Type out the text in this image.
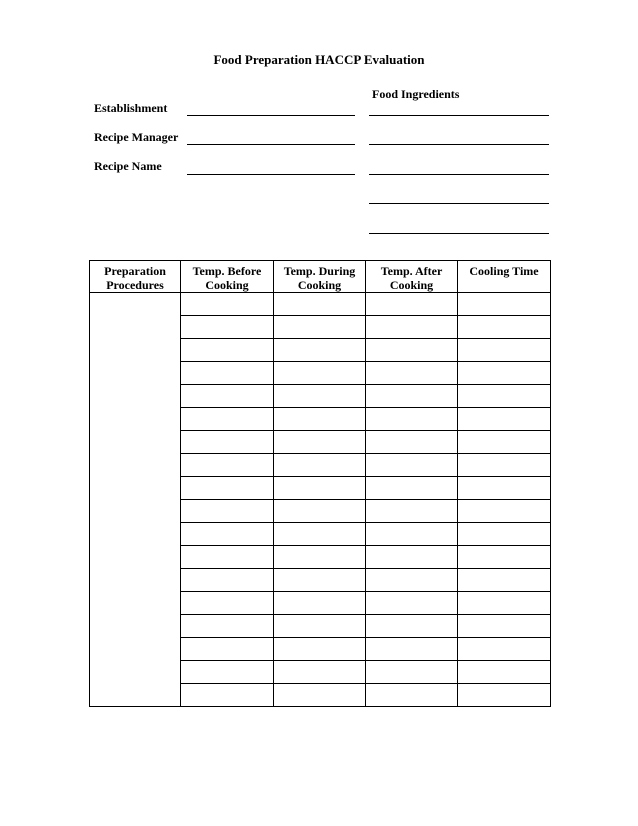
Food Preparation HACCP Evaluation
Establishment
Recipe Manager
Recipe Name
Food Ingredients
Preparation Procedures	Temp. Before Cooking	Temp. During Cooking	Temp. After Cooking	Cooling Time
